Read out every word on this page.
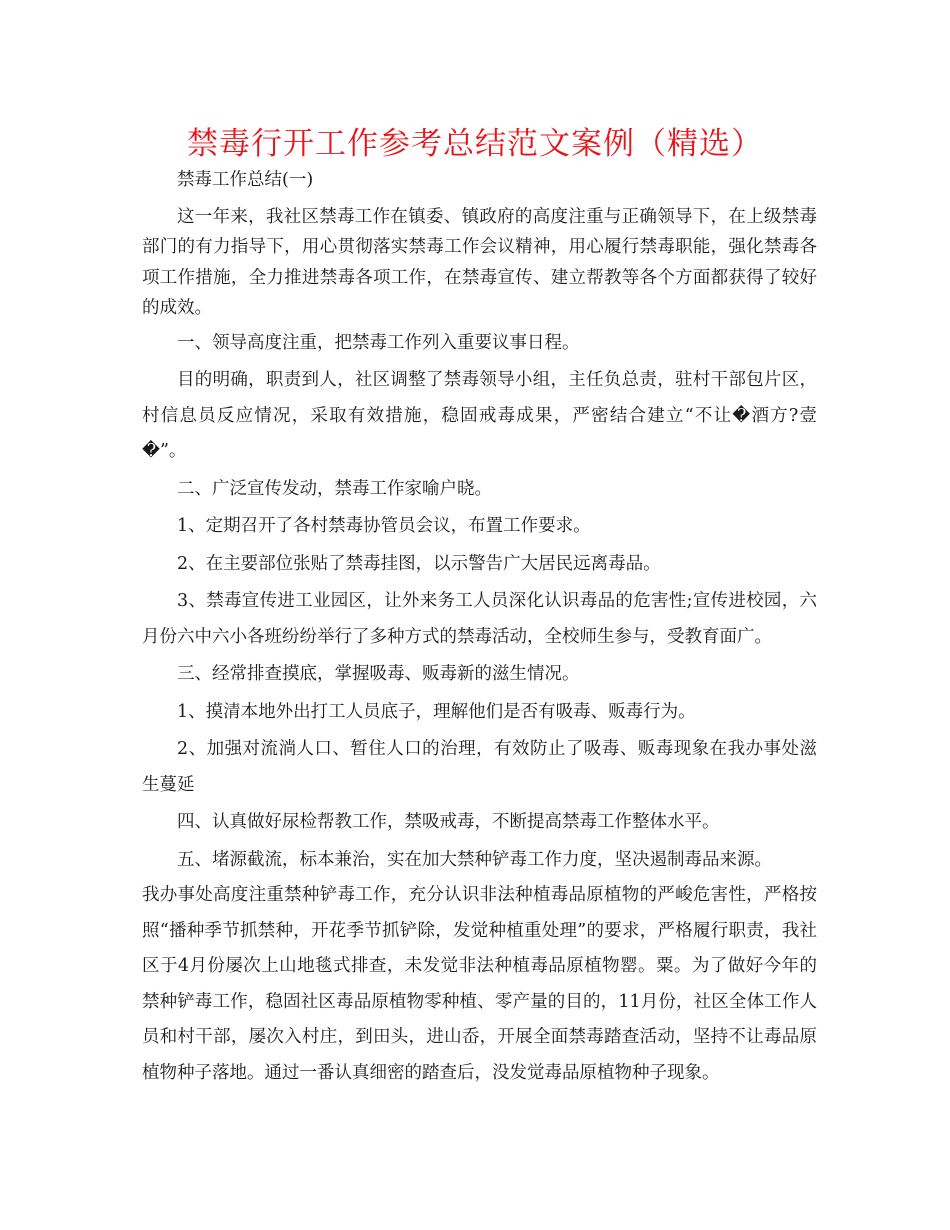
禁毒行开工作参考总结范文案例（精选）

禁毒工作总结(一)

这一年来，我社区禁毒工作在镇委、镇政府的高度注重与正确领导下，在上级禁毒部门的有力指导下，用心贯彻落实禁毒工作会议精神，用心履行禁毒职能，强化禁毒各项工作措施，全力推进禁毒各项工作，在禁毒宣传、建立帮教等各个方面都获得了较好的成效。

一、领导高度注重，把禁毒工作列入重要议事日程。

目的明确，职责到人，社区调整了禁毒领导小组，主任负总责，驻村干部包片区，村信息员反应情况，采取有效措施，稳固戒毒成果，严密结合建立“不让�酒方?壹�”。

二、广泛宣传发动，禁毒工作家喻户晓。

1、定期召开了各村禁毒协管员会议，布置工作要求。

2、在主要部位张贴了禁毒挂图，以示警告广大居民远离毒品。

3、禁毒宣传进工业园区，让外来务工人员深化认识毒品的危害性;宣传进校园，六月份六中六小各班纷纷举行了多种方式的禁毒活动，全校师生参与，受教育面广。

三、经常排查摸底，掌握吸毒、贩毒新的滋生情况。

1、摸清本地外出打工人员底子，理解他们是否有吸毒、贩毒行为。

2、加强对流淌人口、暂住人口的治理，有效防止了吸毒、贩毒现象在我办事处滋生蔓延

四、认真做好尿检帮教工作，禁吸戒毒，不断提高禁毒工作整体水平。

五、堵源截流，标本兼治，实在加大禁种铲毒工作力度，坚决遏制毒品来源。

我办事处高度注重禁种铲毒工作，充分认识非法种植毒品原植物的严峻危害性，严格按照“播种季节抓禁种，开花季节抓铲除，发觉种植重处理”的要求，严格履行职责，我社区于4月份屡次上山地毯式排查，未发觉非法种植毒品原植物罂。粟。为了做好今年的禁种铲毒工作，稳固社区毒品原植物零种植、零产量的目的，11月份，社区全体工作人员和村干部，屡次入村庄，到田头，进山岙，开展全面禁毒踏查活动，坚持不让毒品原植物种子落地。通过一番认真细密的踏查后，没发觉毒品原植物种子现象。
